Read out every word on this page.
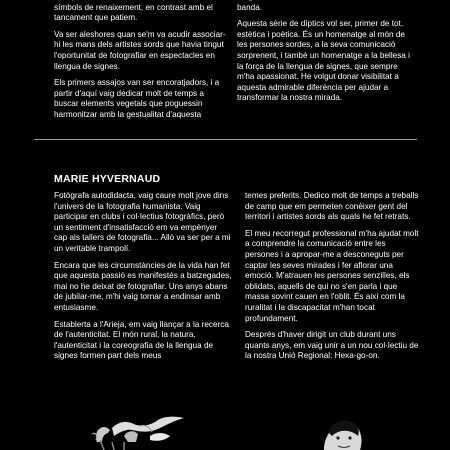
símbols de renaixement, en contrast amb el tancament que patiem.

Va ser aleshores quan se'm va acudir associar-hi les mans dels artistes sords que havia tingut l'oportunitat de fotografiar en espectacles en llengua de signes.

Els primers assajos van ser encoratjadors, i a partir d'aquí vaig dedicar molt de temps a buscar elements vegetals que poguessin harmonitzar amb la gestualitat d'aquesta

banda.

Aquesta sèrie de díptics vol ser, primer de tot, estètica i poètica. És un homenatge al món de les persones sordes, a la seva comunicació sorprenent, i també un homenatge a la bellesa i la força de la llengua de signes, que sempre m'ha apassionat. He volgut donar visibilitat a aquesta admirable diferència per ajudar a transformar la nostra mirada.

MARIE HYVERNAUD

Fotògrafa autodidacta, vaig caure molt jove dins l'univers de la fotografia humanista. Vaig participar en clubs i col·lectius fotogràfics, però un sentiment d'insatisfacció em va empènyer cap als tallers de fotografia... Allò va ser per a mi un veritable trampolí.

Encara que les circumstàncies de la vida han fet que aquesta passió es manifestés a batzegades, mai no he deixat de fotografiar. Uns anys abans de jubilar-me, m'hi vaig tornar a endinsar amb entusiasme.

Establerta a l'Arieja, em vaig llançar a la recerca de l'autenticitat. El món rural, la natura, l'autenticitat i la coreografia de la llengua de signes formen part dels meus

temes preferits. Dedico molt de temps a treballs de camp que em permeten conèixer gent del territori i artistes sords als quals he fet retrats.

El meu recorregut professional m'ha ajudat molt a comprendre la comunicació entre les persones i a apropar-me a desconeguts per captar les seves mirades i fer aflorar una emoció. M'atrauen les persones senzilles, els oblidats, aquells de qui no s'en parla i que massa sovint cauen en l'oblit. És així com la ruralitat i la discapacitat m'han tocat profundament.

Després d'haver dirigit un club durant uns quants anys, em vaig unir a un nou col·lectiu de la nostra Unió Regional: Hexa-go-on.
